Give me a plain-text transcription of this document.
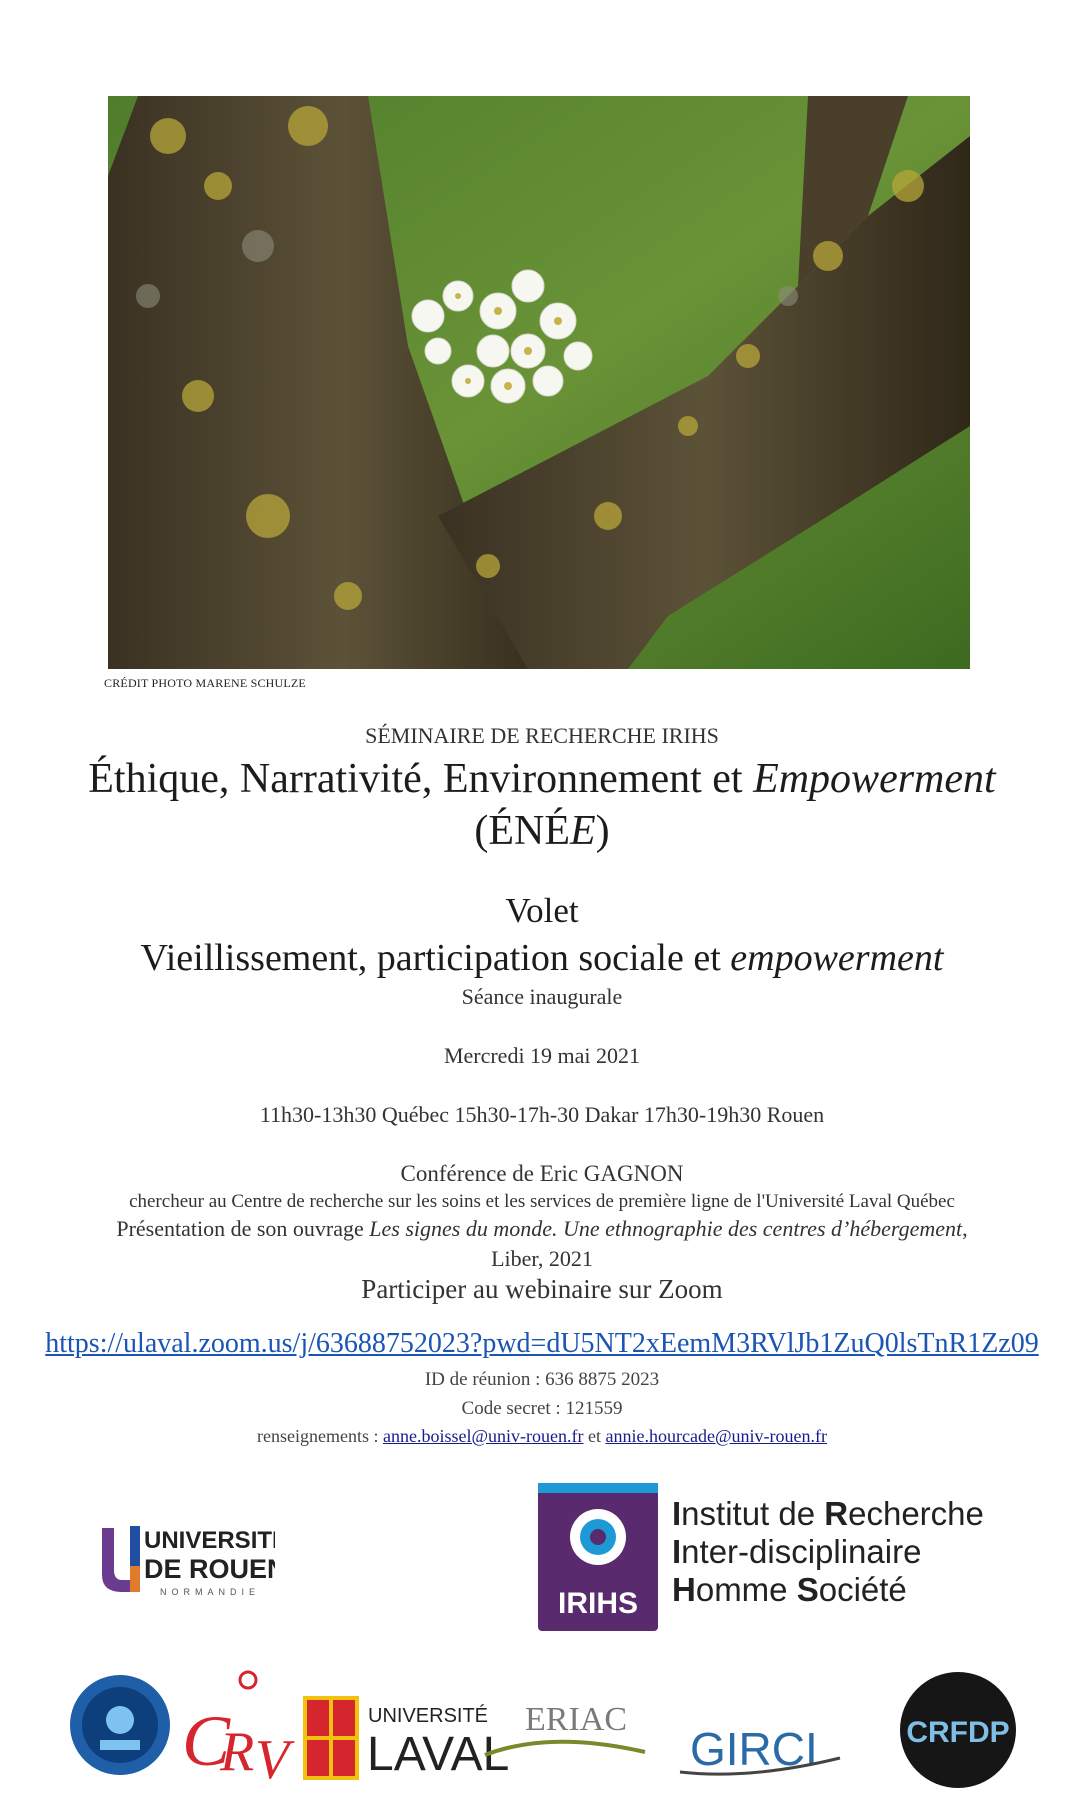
CRÉDIT PHOTO MARENE SCHULZE
SÉMINAIRE DE RECHERCHE IRIHS
Éthique, Narrativité, Environnement et Empowerment
(ÉNÉE)
Volet
Vieillissement, participation sociale et empowerment
Séance inaugurale
Mercredi 19 mai 2021
11h30-13h30 Québec 15h30-17h-30 Dakar 17h30-19h30 Rouen
Conférence de Eric GAGNON
chercheur au Centre de recherche sur les soins et les services de première ligne de l'Université Laval Québec
Présentation de son ouvrage Les signes du monde. Une ethnographie des centres d’hébergement,
Liber, 2021
Participer au webinaire sur Zoom
https://ulaval.zoom.us/j/63688752023?pwd=dU5NT2xEemM3RVlJb1ZuQ0lsTnR1Zz09
ID de réunion : 636 8875 2023
Code secret : 121559
renseignements : anne.boissel@univ-rouen.fr et annie.hourcade@univ-rouen.fr
UNIVERSITÉ
DE ROUEN
NORMANDIE	IRIHS
Institut de Recherche
Inter-disciplinaire
Homme Société
C
R V
UNIVERSITÉ
LAVAL
ERIAC
GIRCI	CRFDP
